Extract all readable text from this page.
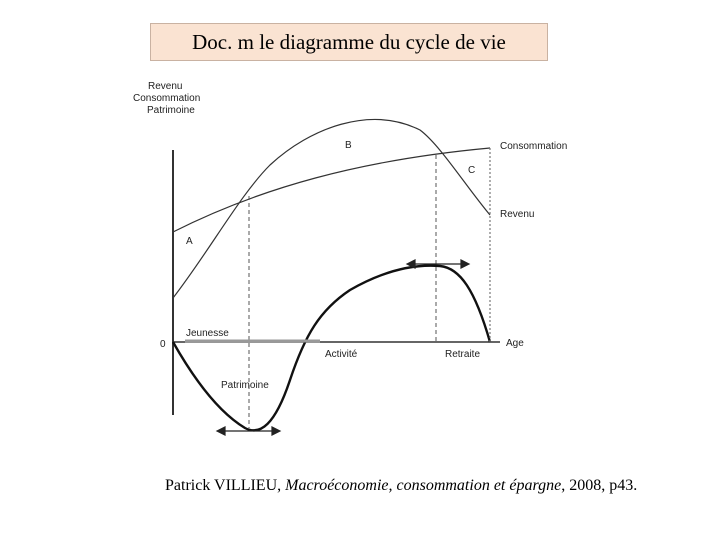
Doc. m le diagramme du cycle de vie
Revenu
Consommation
Patrimoine
0	Age
Consommation
Revenu
Patrimoine
A
B
C
Jeunesse
Activité	Retraite
Patrick VILLIEU, Macroéconomie, consommation et épargne, 2008, p43.
